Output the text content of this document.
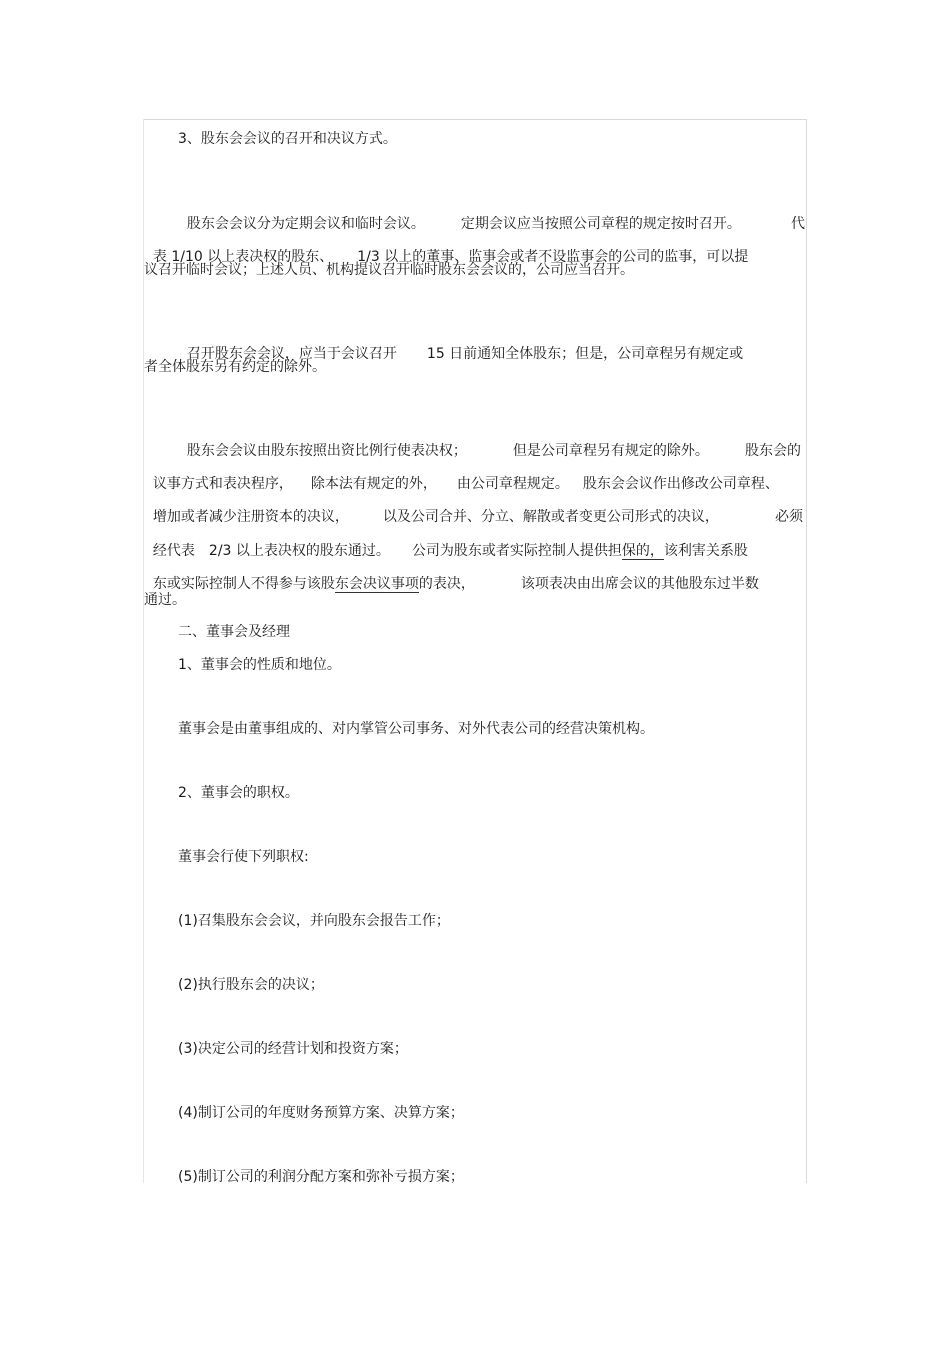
3、股东会会议的召开和决议方式。

股东会会议分为定期会议和临时会议。	定期会议应当按照公司章程的规定按时召开。	代

表 1/10 以上表决权的股东、 1/3 以上的董事、监事会或者不设监事会的公司的监事，可以提

议召开临时会议；上述人员、机构提议召开临时股东会会议的，公司应当召开。

召开股东会会议，应当于会议召开 15 日前通知全体股东；但是，公司章程另有规定或

者全体股东另有约定的除外。

股东会会议由股东按照出资比例行使表决权；	但是公司章程另有规定的除外。	股东会的

议事方式和表决程序， 除本法有规定的外， 由公司章程规定。 股东会会议作出修改公司章程、

增加或者减少注册资本的决议， 以及公司合并、分立、解散或者变更公司形式的决议，	必须

经代表 2/3 以上表决权的股东通过。 公司为股东或者实际控制人提供担保的，该利害关系股

东或实际控制人不得参与该股东会决议事项的表决，	该项表决由出席会议的其他股东过半数

通过。

二、董事会及经理

1、董事会的性质和地位。

董事会是由董事组成的、对内掌管公司事务、对外代表公司的经营决策机构。

2、董事会的职权。

董事会行使下列职权:

(1)召集股东会会议，并向股东会报告工作；

(2)执行股东会的决议；

(3)决定公司的经营计划和投资方案；

(4)制订公司的年度财务预算方案、决算方案；

(5)制订公司的利润分配方案和弥补亏损方案；
